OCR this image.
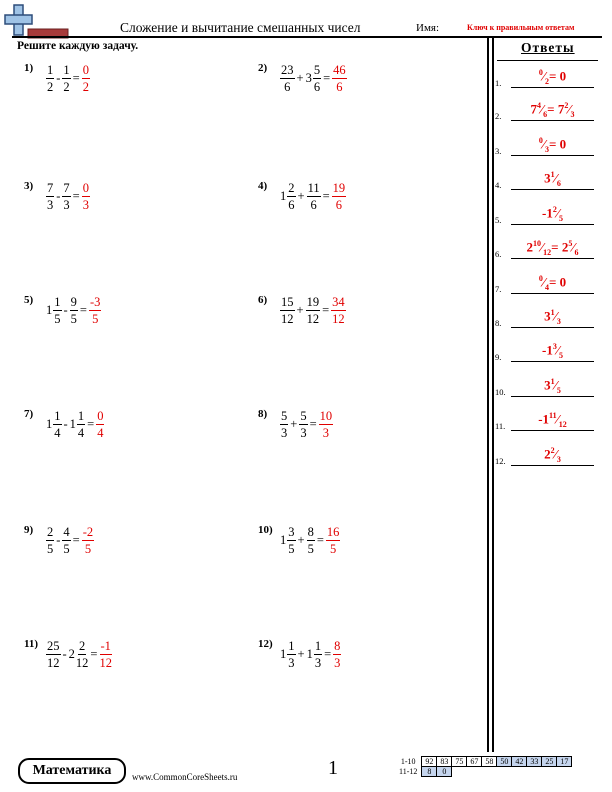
Сложение и вычитание смешанных чисел	Имя:	Ключ к правильным ответам
Решите каждую задачу.	Ответы
$1) \frac{1}{2} - \frac{1}{2} = \frac{0}{2}$	$2) \frac{23}{6} + 3 \frac{5}{6} = \frac{46}{6}$
$3) \frac{7}{3} - \frac{7}{3} = \frac{0}{3}$	4)
$1 \frac{2}{6} + \frac{11}{6} = \frac{19}{6}$
5)
$1 \frac{1}{5} - \frac{9}{5} = \frac{-3}{5}$	$6) \frac{15}{12} + \frac{19}{12} = \frac{34}{12}$
7)
$1 \frac{1}{4} - 1 \frac{1}{4} = \frac{0}{4}$	$8) \frac{5}{3} + \frac{5}{3} = \frac{10}{3}$
$9) \frac{2}{5} - \frac{4}{5} = \frac{-2}{5}$	10)
$1 \frac{3}{5} + \frac{8}{5} = \frac{16}{5}$
$11) \frac{25}{12} - 2 \frac{2}{12} = \frac{-1}{12}$	12)
$1 \frac{1}{3} + 1 \frac{1}{3} = \frac{8}{3}$
1.
$^0⁄_2= 0$
2.	$7^4⁄_6=$ $7^2⁄_3$
3.
$^0⁄_3= 0$
4.	$3^1⁄_6$
5.	$-1^2⁄_5$
6.	$2^{10}⁄_{12}=$ $2^5⁄_6$
7.
$^0⁄_4= 0$
8.	$3^1⁄_3$
9.	$-1^3⁄_5$
10.	$3^1⁄_5$
11.	$-1^{11}⁄_{12}$
12.	$2^2⁄_3$
Математика	www.CommonCoreSheets.ru	1	1-10	92	83	75	67	58	50	42	33	25	17
11-12	8	0								
